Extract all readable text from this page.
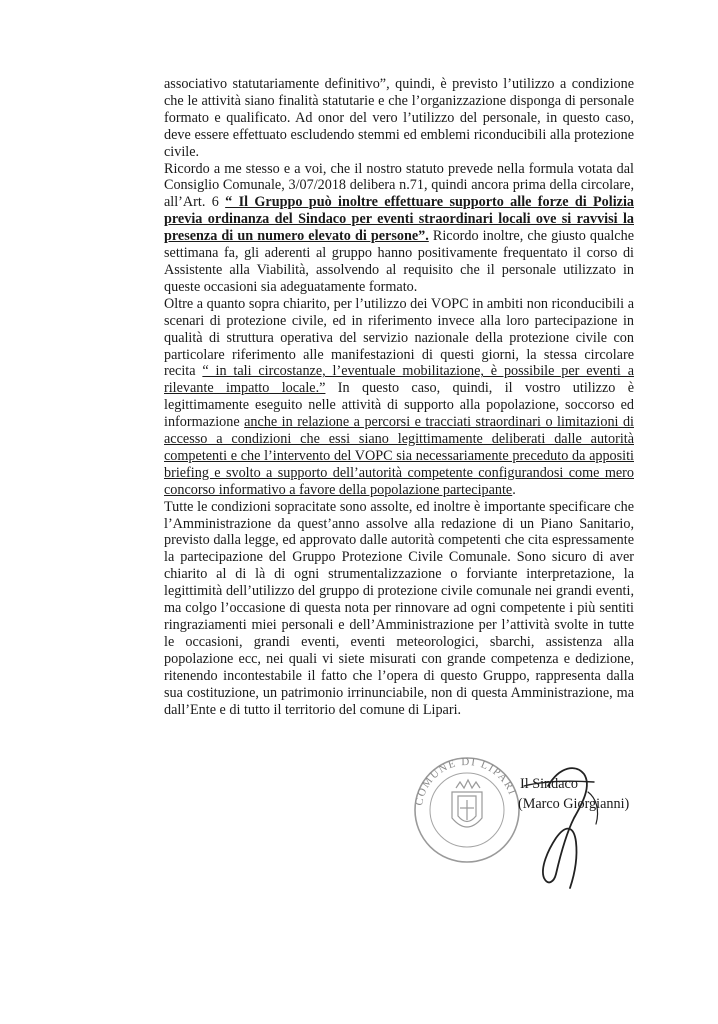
associativo statutariamente definitivo”, quindi, è previsto l’utilizzo a condizione che le attività siano finalità statutarie e che l’organizzazione disponga di personale formato e qualificato. Ad onor del vero l’utilizzo del personale, in questo caso, deve essere effettuato escludendo stemmi ed emblemi riconducibili alla protezione civile.

Ricordo a me stesso e a voi, che il nostro statuto prevede nella formula votata dal Consiglio Comunale, 3/07/2018 delibera n.71, quindi ancora prima della circolare, all’Art. 6 “ Il Gruppo può inoltre effettuare supporto alle forze di Polizia previa ordinanza del Sindaco per eventi straordinari locali ove si ravvisi la presenza di un numero elevato di persone”. Ricordo inoltre, che giusto qualche settimana fa, gli aderenti al gruppo hanno positivamente frequentato il corso di Assistente alla Viabilità, assolvendo al requisito che il personale utilizzato in queste occasioni sia adeguatamente formato.

Oltre a quanto sopra chiarito, per l’utilizzo dei VOPC in ambiti non riconducibili a scenari di protezione civile, ed in riferimento invece alla loro partecipazione in qualità di struttura operativa del servizio nazionale della protezione civile con particolare riferimento alle manifestazioni di questi giorni, la stessa circolare recita “ in tali circostanze, l’eventuale mobilitazione, è possibile per eventi a rilevante impatto locale.” In questo caso, quindi, il vostro utilizzo è legittimamente eseguito nelle attività di supporto alla popolazione, soccorso ed informazione anche in relazione a percorsi e tracciati straordinari o limitazioni di accesso a condizioni che essi siano legittimamente deliberati dalle autorità competenti e che l’intervento del VOPC sia necessariamente preceduto da appositi briefing e svolto a supporto dell’autorità competente configurandosi come mero concorso informativo a favore della popolazione partecipante.

Tutte le condizioni sopracitate sono assolte, ed inoltre è importante specificare che l’Amministrazione da quest’anno assolve alla redazione di un Piano Sanitario, previsto dalla legge, ed approvato dalle autorità competenti che cita espressamente la partecipazione del Gruppo Protezione Civile Comunale. Sono sicuro di aver chiarito al di là di ogni strumentalizzazione o forviante interpretazione, la legittimità dell’utilizzo del gruppo di protezione civile comunale nei grandi eventi, ma colgo l’occasione di questa nota per rinnovare ad ogni competente i più sentiti ringraziamenti miei personali e dell’Amministrazione per l’attività svolte in tutte le occasioni, grandi eventi, eventi meteorologici, sbarchi, assistenza alla popolazione ecc, nei quali vi siete misurati con grande competenza e dedizione, ritenendo incontestabile il fatto che l’opera di questo Gruppo, rappresenta dalla sua costituzione, un patrimonio irrinunciabile, non di questa Amministrazione, ma dall’Ente e di tutto il territorio del comune di Lipari.

COMUNE DI LIPARI
Il Sindaco
(Marco Giorgianni)
